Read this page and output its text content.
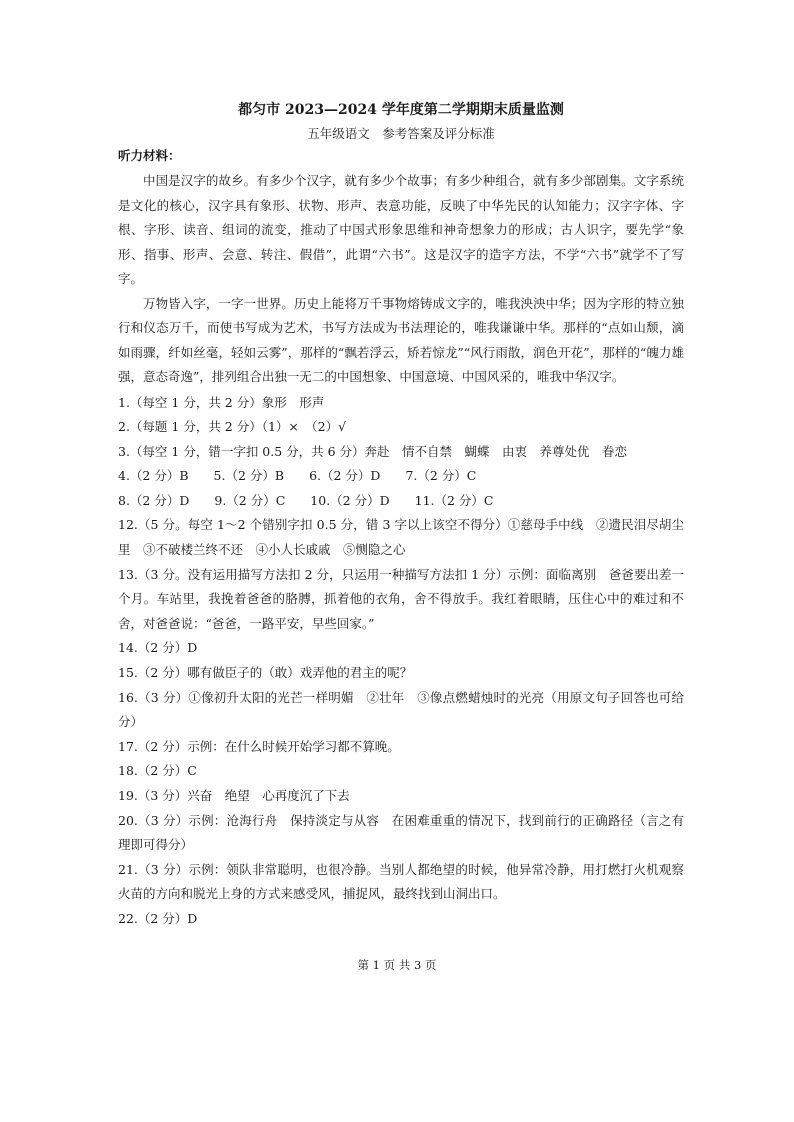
都匀市 2023—2024 学年度第二学期期末质量监测
五年级语文　参考答案及评分标准
听力材料：

中国是汉字的故乡。有多少个汉字，就有多少个故事；有多少种组合，就有多少部剧集。文字系统是文化的核心，汉字具有象形、状物、形声、表意功能，反映了中华先民的认知能力；汉字字体、字根、字形、读音、组词的流变，推动了中国式形象思维和神奇想象力的形成；古人识字，要先学“象形、指事、形声、会意、转注、假借”，此谓“六书”。这是汉字的造字方法，不学“六书”就学不了写字。

万物皆入字，一字一世界。历史上能将万千事物熔铸成文字的，唯我泱泱中华；因为字形的特立独行和仪态万千，而使书写成为艺术，书写方法成为书法理论的，唯我谦谦中华。那样的“点如山颓，滴如雨骤，纤如丝毫，轻如云雾”，那样的“飘若浮云，矫若惊龙”“风行雨散，润色开花”，那样的“魄力雄强，意态奇逸”，排列组合出独一无二的中国想象、中国意境、中国风采的，唯我中华汉字。

1.（每空 1 分，共 2 分）象形　形声

2.（每题 1 分，共 2 分）（1）×　（2）√

3.（每空 1 分，错一字扣 0.5 分，共 6 分）奔赴　情不自禁　蝴蝶　由衷　养尊处优　眷恋

4.（2 分）B　　5.（2 分）B　　6.（2 分）D　　7.（2 分）C

8.（2 分）D　　9.（2 分）C　　10.（2 分）D　　11.（2 分）C

12.（5 分。每空 1～2 个错别字扣 0.5 分，错 3 字以上该空不得分）①慈母手中线　②遗民泪尽胡尘里　③不破楼兰终不还　④小人长戚戚　⑤恻隐之心

13.（3 分。没有运用描写方法扣 2 分，只运用一种描写方法扣 1 分）示例：面临离别　爸爸要出差一个月。车站里，我挽着爸爸的胳膊，抓着他的衣角，舍不得放手。我红着眼睛，压住心中的难过和不舍，对爸爸说：“爸爸，一路平安，早些回家。”

14.（2 分）D

15.（2 分）哪有做臣子的（敢）戏弄他的君主的呢？

16.（3 分）①像初升太阳的光芒一样明媚　②壮年　③像点燃蜡烛时的光亮（用原文句子回答也可给分）

17.（2 分）示例：在什么时候开始学习都不算晚。

18.（2 分）C

19.（3 分）兴奋　绝望　心再度沉了下去

20.（3 分）示例：沧海行舟　保持淡定与从容　在困难重重的情况下，找到前行的正确路径（言之有理即可得分）

21.（3 分）示例：领队非常聪明，也很冷静。当别人都绝望的时候，他异常冷静，用打燃打火机观察火苗的方向和脱光上身的方式来感受风，捕捉风，最终找到山洞出口。

22.（2 分）D

第 1 页 共 3 页
